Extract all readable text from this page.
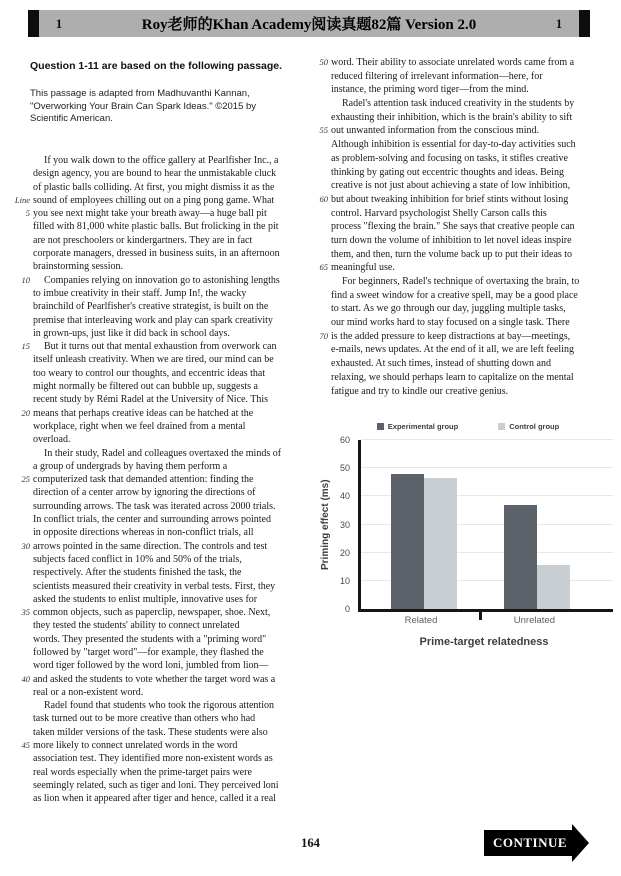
1	Roy老师的Khan Academy阅读真题82篇 Version 2.0	1
Question 1-11 are based on the following passage.
This passage is adapted from Madhuvanthi Kannan, "Overworking Your Brain Can Spark Ideas." ©2015 by Scientific American.
If you walk down to the office gallery at Pearlfisher Inc., a
design agency, you are bound to hear the unmistakable cluck
of plastic balls colliding. At first, you might dismiss it as the
Line sound of employees chilling out on a ping pong game. What
5 you see next might take your breath away—a huge ball pit
filled with 81,000 white plastic balls. But frolicking in the pit
are not preschoolers or kindergartners. They are in fact
corporate managers, dressed in business suits, in an afternoon
brainstorming session.
10	Companies relying on innovation go to astonishing lengths
to imbue creativity in their staff. Jump In!, the wacky
brainchild of Pearlfisher's creative strategist, is built on the
premise that interleaving work and play can spark creativity
in grown-ups, just like it did back in school days.
15	But it turns out that mental exhaustion from overwork can
itself unleash creativity. When we are tired, our mind can be
too weary to control our thoughts, and eccentric ideas that
might normally be filtered out can bubble up, suggests a
recent study by Rémi Radel at the University of Nice. This
20 means that perhaps creative ideas can be hatched at the
workplace, right when we feel drained from a mental
overload.
In their study, Radel and colleagues overtaxed the minds of
a group of undergrads by having them perform a
25 computerized task that demanded attention: finding the
direction of a center arrow by ignoring the directions of
surrounding arrows. The task was iterated across 2000 trials.
In conflict trials, the center and surrounding arrows pointed
in opposite directions whereas in non-conflict trials, all
30 arrows pointed in the same direction. The controls and test
subjects faced conflict in 10% and 50% of the trials,
respectively. After the students finished the task, the
scientists measured their creativity in verbal tests. First, they
asked the students to enlist multiple, innovative uses for
35 common objects, such as paperclip, newspaper, shoe. Next,
they tested the students' ability to connect unrelated
words. They presented the students with a "priming word"
followed by "target word"—for example, they flashed the
word tiger followed by the word loni, jumbled from lion—
40 and asked the students to vote whether the target word was a
real or a non-existent word.
Radel found that students who took the rigorous attention
task turned out to be more creative than others who had
taken milder versions of the task. These students were also
45 more likely to connect unrelated words in the word
association test. They identified more non-existent words as
real words especially when the prime-target pairs were
seemingly related, such as tiger and loni. They perceived loni
as lion when it appeared after tiger and hence, called it a real
50 word. Their ability to associate unrelated words came from a
reduced filtering of irrelevant information—here, for
instance, the priming word tiger—from the mind.
Radel's attention task induced creativity in the students by
exhausting their inhibition, which is the brain's ability to sift
55 out unwanted information from the conscious mind.
Although inhibition is essential for day-to-day activities such
as problem-solving and focusing on tasks, it stifles creative
thinking by gating out eccentric thoughts and ideas. Being
creative is not just about achieving a state of low inhibition,
60 but about tweaking inhibition for brief stints without losing
control. Harvard psychologist Shelly Carson calls this
process "flexing the brain." She says that creative people can
turn down the volume of inhibition to let novel ideas inspire
them, and then, turn the volume back up to put their ideas to
65 meaningful use.
For beginners, Radel's technique of overtaxing the brain, to
find a sweet window for a creative spell, may be a good place
to start. As we go through our day, juggling multiple tasks,
our mind works hard to stay focused on a single task. There
70 is the added pressure to keep distractions at bay—meetings,
e-mails, news updates. At the end of it all, we are left feeling
exhausted. At such times, instead of shutting down and
relaxing, we should perhaps learn to capitalize on the mental
fatigue and try to kindle our creative genius.
Experimental group	Control group
Priming effect (ms)
0
10
20
30
40
50
60
Related	Unrelated
Prime-target relatedness
164	CONTINUE
